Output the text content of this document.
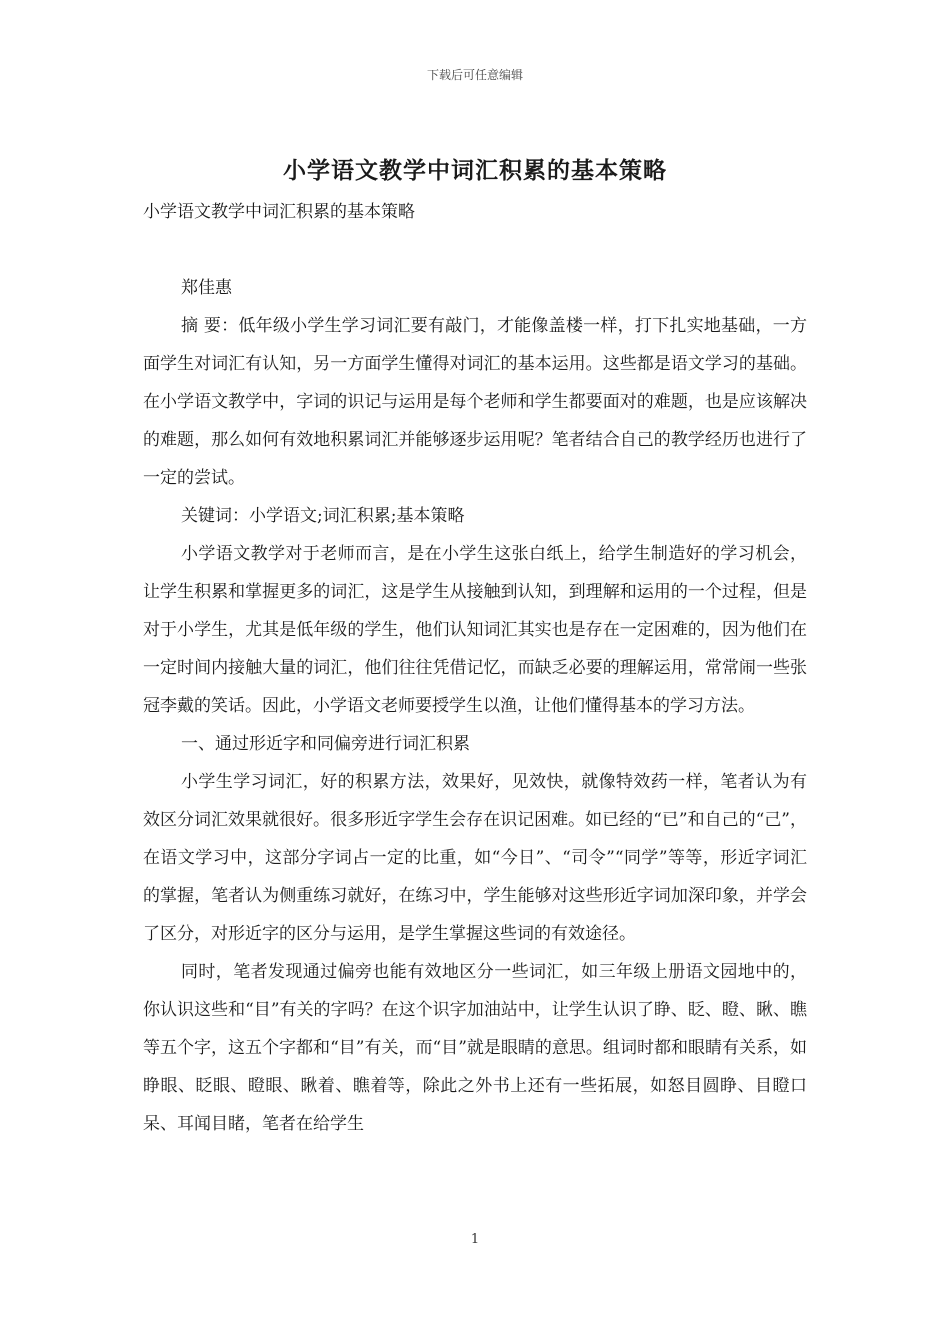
下载后可任意编辑
小学语文教学中词汇积累的基本策略

小学语文教学中词汇积累的基本策略

郑佳惠

摘 要：低年级小学生学习词汇要有敲门，才能像盖楼一样，打下扎实地基础，一方面学生对词汇有认知，另一方面学生懂得对词汇的基本运用。这些都是语文学习的基础。在小学语文教学中，字词的识记与运用是每个老师和学生都要面对的难题，也是应该解决的难题，那么如何有效地积累词汇并能够逐步运用呢？笔者结合自己的教学经历也进行了一定的尝试。

关键词：小学语文;词汇积累;基本策略

小学语文教学对于老师而言，是在小学生这张白纸上，给学生制造好的学习机会，让学生积累和掌握更多的词汇，这是学生从接触到认知，到理解和运用的一个过程，但是对于小学生，尤其是低年级的学生，他们认知词汇其实也是存在一定困难的，因为他们在一定时间内接触大量的词汇，他们往往凭借记忆，而缺乏必要的理解运用，常常闹一些张冠李戴的笑话。因此，小学语文老师要授学生以渔，让他们懂得基本的学习方法。

一、通过形近字和同偏旁进行词汇积累

小学生学习词汇，好的积累方法，效果好，见效快，就像特效药一样，笔者认为有效区分词汇效果就很好。很多形近字学生会存在识记困难。如已经的“已”和自己的“己”，在语文学习中，这部分字词占一定的比重，如“今日”、“司令”“同学”等等，形近字词汇的掌握，笔者认为侧重练习就好，在练习中，学生能够对这些形近字词加深印象，并学会了区分，对形近字的区分与运用，是学生掌握这些词的有效途径。

同时，笔者发现通过偏旁也能有效地区分一些词汇，如三年级上册语文园地中的，你认识这些和“目”有关的字吗？在这个识字加油站中，让学生认识了睁、眨、瞪、瞅、瞧等五个字，这五个字都和“目”有关，而“目”就是眼睛的意思。组词时都和眼睛有关系，如睁眼、眨眼、瞪眼、瞅着、瞧着等，除此之外书上还有一些拓展，如怒目圆睁、目瞪口呆、耳闻目睹，笔者在给学生

1
